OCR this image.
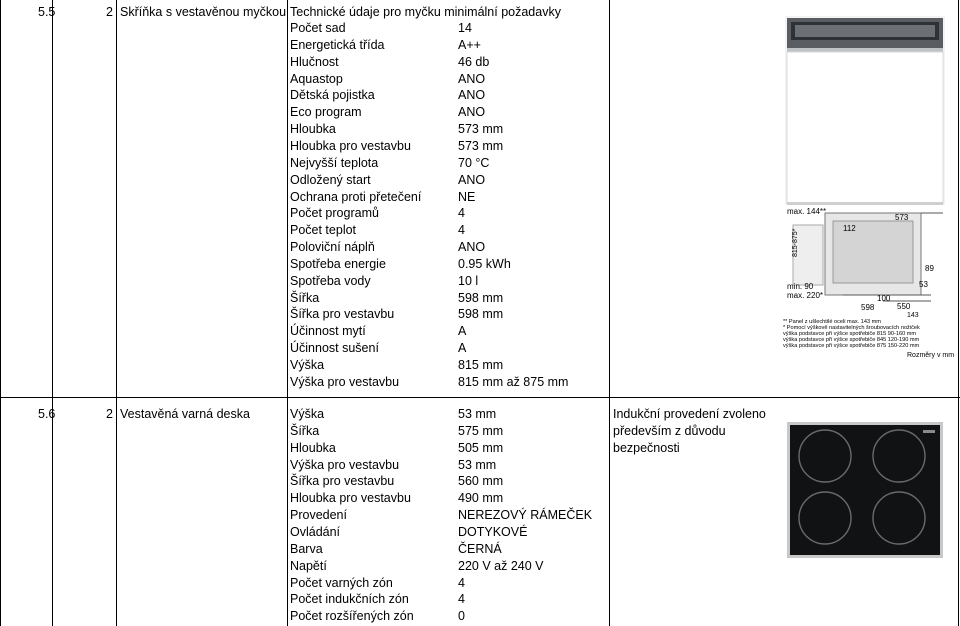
5.5	2 Skříňka s vestavěnou myčkou Technické údaje pro myčku minimální požadavky
Počet sad	14
Energetická třída	A++
Hlučnost	46 db
Aquastop	ANO
Dětská pojistka	ANO
Eco program	ANO
Hloubka	573 mm
Hloubka pro vestavbu	573 mm
Nejvyšší teplota	70 °C
Odložený start	ANO
Ochrana proti přetečení	NE
Počet programů	4
Počet teplot	4
Poloviční náplň	ANO
Spotřeba energie	0.95 kWh
Spotřeba vody	10 l
Šířka	598 mm
Šířka pro vestavbu	598 mm
Účinnost mytí	A
Účinnost sušení	A
Výška	815 mm
Výška pro vestavbu	815 mm až 875 mm
max. 144**
112
573
815-875*
89
53
min. 90
max. 220*	100
598	550
143
** Panel z ušlechtilé oceli max. 143 mm
* Pomocí výškově nastavitelných šroubovacích nožiček
výška podstavce při výšce spotřebiče 815 90-160 mm
výška podstavce při výšce spotřebiče 845 120-190 mm
výška podstavce při výšce spotřebiče 875 150-220 mm
Rozměry v mm
5.6	2 Vestavěná varná deska	Výška	53 mm
Šířka	575 mm
Hloubka	505 mm
Výška pro vestavbu	53 mm
Šířka pro vestavbu	560 mm
Hloubka pro vestavbu	490 mm
Provedení	NEREZOVÝ RÁMEČEK
Ovládání	DOTYKOVÉ
Barva	ČERNÁ
Napětí	220 V až 240 V
Počet varných zón	4
Počet indukčních zón	4
Počet rozšířených zón	0
Indukční provedení zvoleno především z důvodu bezpečnosti
